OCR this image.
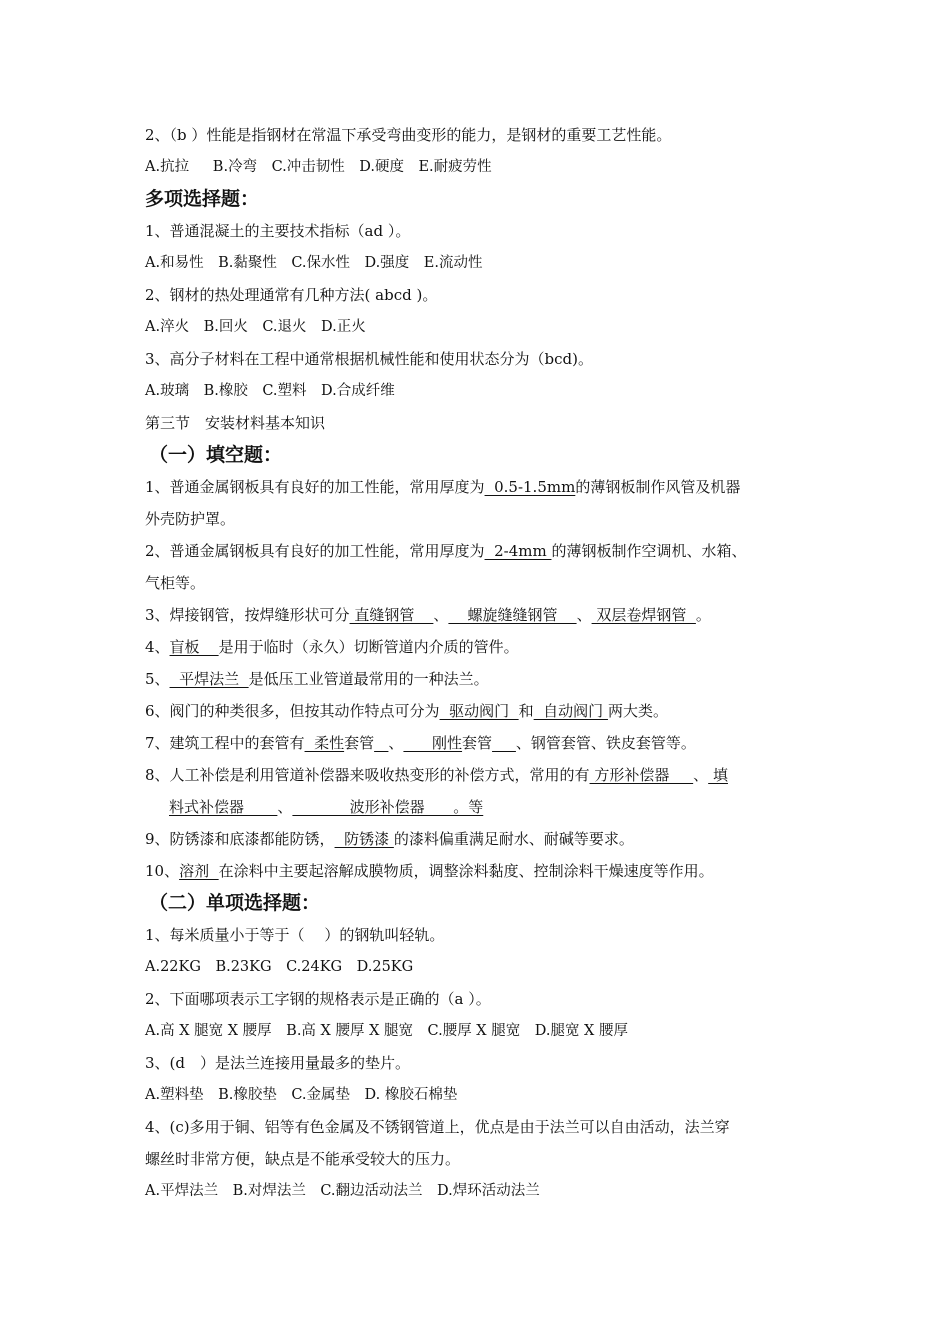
2、（b ）性能是指钢材在常温下承受弯曲变形的能力，是钢材的重要工艺性能。
A.抗拉 　 B.冷弯　C.冲击韧性　D.硬度　E.耐疲劳性
多项选择题：
1、普通混凝土的主要技术指标（ad ）。
A.和易性　B.黏聚性　C.保水性　D.强度　E.流动性
2、钢材的热处理通常有几种方法( abcd )。
A.淬火　B.回火　C.退火　D.正火
3、高分子材料在工程中通常根据机械性能和使用状态分为（bcd)。
A.玻璃　B.橡胶　C.塑料　D.合成纤维
第三节　安装材料基本知识
（一）填空题：
1、普通金属钢板具有良好的加工性能，常用厚度为  0.5-1.5mm的薄钢板制作风管及机器
外壳防护罩。
2、普通金属钢板具有良好的加工性能，常用厚度为  2-4mm 的薄钢板制作空调机、水箱、
气柜等。
3、焊接钢管，按焊缝形状可分 直缝钢管    、    螺旋缝缝钢管    、 双层卷焊钢管  。
4、盲板    是用于临时（永久）切断管道内介质的管件。
5、  平焊法兰  是低压工业管道最常用的一种法兰。
6、阀门的种类很多，但按其动作特点可分为  驱动阀门  和  自动阀门 两大类。
7、建筑工程中的套管有  柔性套管 、      刚性套管 、钢管套管、铁皮套管等。
8、人工补偿是利用管道补偿器来吸收热变形的补偿方式，常用的有 方形补偿器     、 填
料式补偿器       、            波形补偿器      。等
9、防锈漆和底漆都能防锈，  防锈漆 的漆料偏重满足耐水、耐碱等要求。
10、溶剂  在涂料中主要起溶解成膜物质，调整涂料黏度、控制涂料干燥速度等作用。
（二）单项选择题：
1、每米质量小于等于（　 ）的钢轨叫轻轨。
A.22KG　B.23KG　C.24KG　D.25KG
2、下面哪项表示工字钢的规格表示是正确的（a ）。
A.高 X 腿宽 X 腰厚　B.高 X 腰厚 X 腿宽　C.腰厚 X 腿宽　D.腿宽 X 腰厚
3、(d　）是法兰连接用量最多的垫片。
A.塑料垫　B.橡胶垫　C.金属垫　D. 橡胶石棉垫
4、(c)多用于铜、铝等有色金属及不锈钢管道上，优点是由于法兰可以自由活动，法兰穿
螺丝时非常方便，缺点是不能承受较大的压力。
A.平焊法兰　B.对焊法兰　C.翻边活动法兰　D.焊环活动法兰
